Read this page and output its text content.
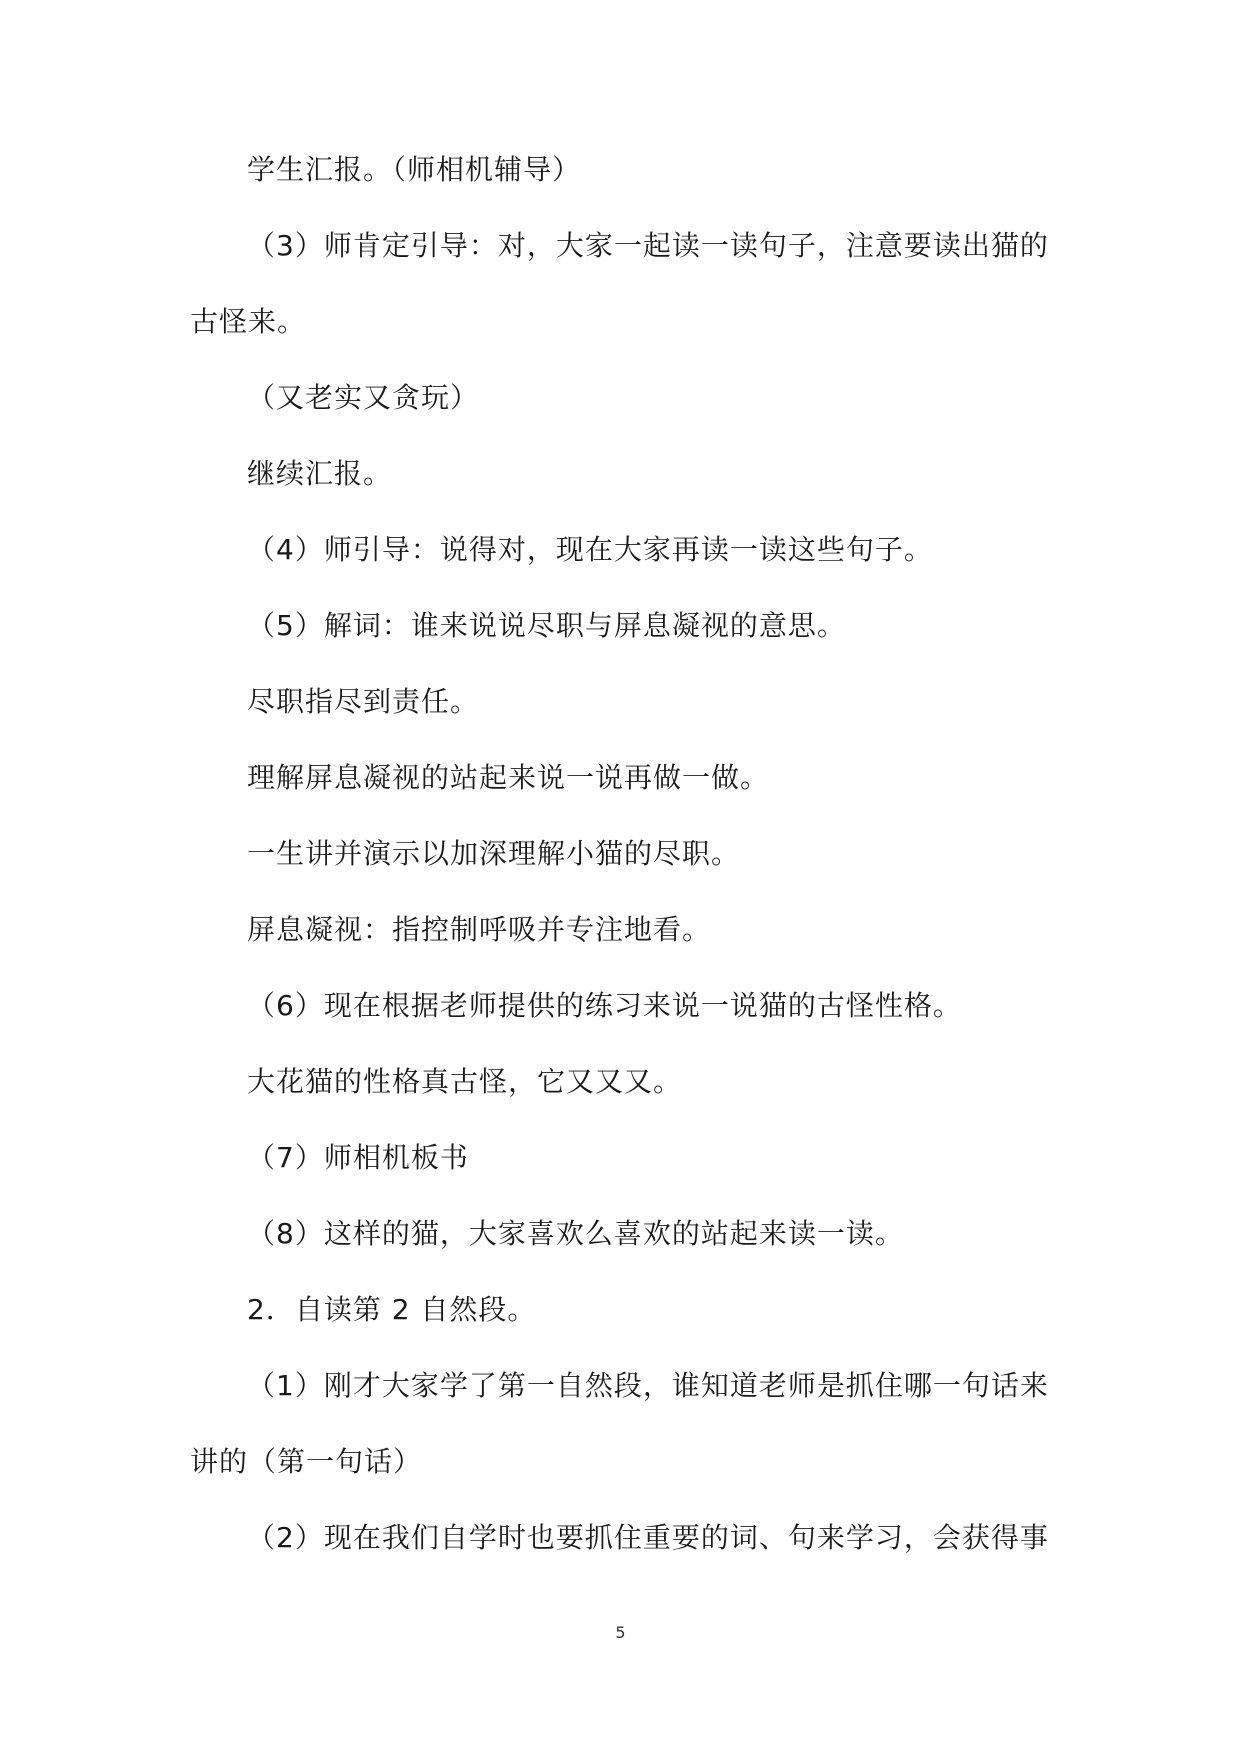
学生汇报。（师相机辅导）
（3）师肯定引导：对，大家一起读一读句子，注意要读出猫的
古怪来。
（又老实又贪玩）
继续汇报。
（4）师引导：说得对，现在大家再读一读这些句子。
（5）解词：谁来说说尽职与屏息凝视的意思。
尽职指尽到责任。
理解屏息凝视的站起来说一说再做一做。
一生讲并演示以加深理解小猫的尽职。
屏息凝视：指控制呼吸并专注地看。
（6）现在根据老师提供的练习来说一说猫的古怪性格。
大花猫的性格真古怪，它又又又。
（7）师相机板书
（8）这样的猫，大家喜欢么喜欢的站起来读一读。
2．自读第 2 自然段。
（1）刚才大家学了第一自然段，谁知道老师是抓住哪一句话来
讲的（第一句话）
（2）现在我们自学时也要抓住重要的词、句来学习，会获得事
5
